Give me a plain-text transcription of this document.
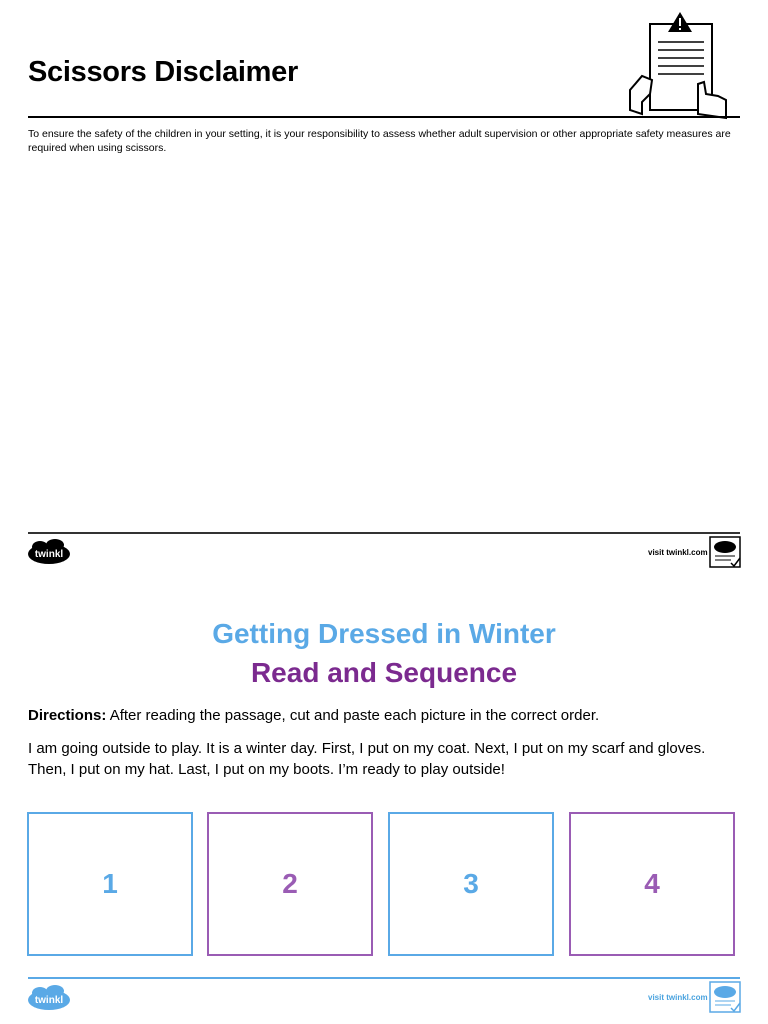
Scissors Disclaimer
To ensure the safety of the children in your setting, it is your responsibility to assess whether adult supervision or other appropriate safety measures are required when using scissors.
twinkl	visit twinkl.com
Getting Dressed in Winter
Read and Sequence
Directions: After reading the passage, cut and paste each picture in the correct order.
I am going outside to play. It is a winter day. First, I put on my coat. Next, I put on my scarf and gloves. Then, I put on my hat. Last, I put on my boots. I’m ready to play outside!
1	2	3	4
twinkl	visit twinkl.com
